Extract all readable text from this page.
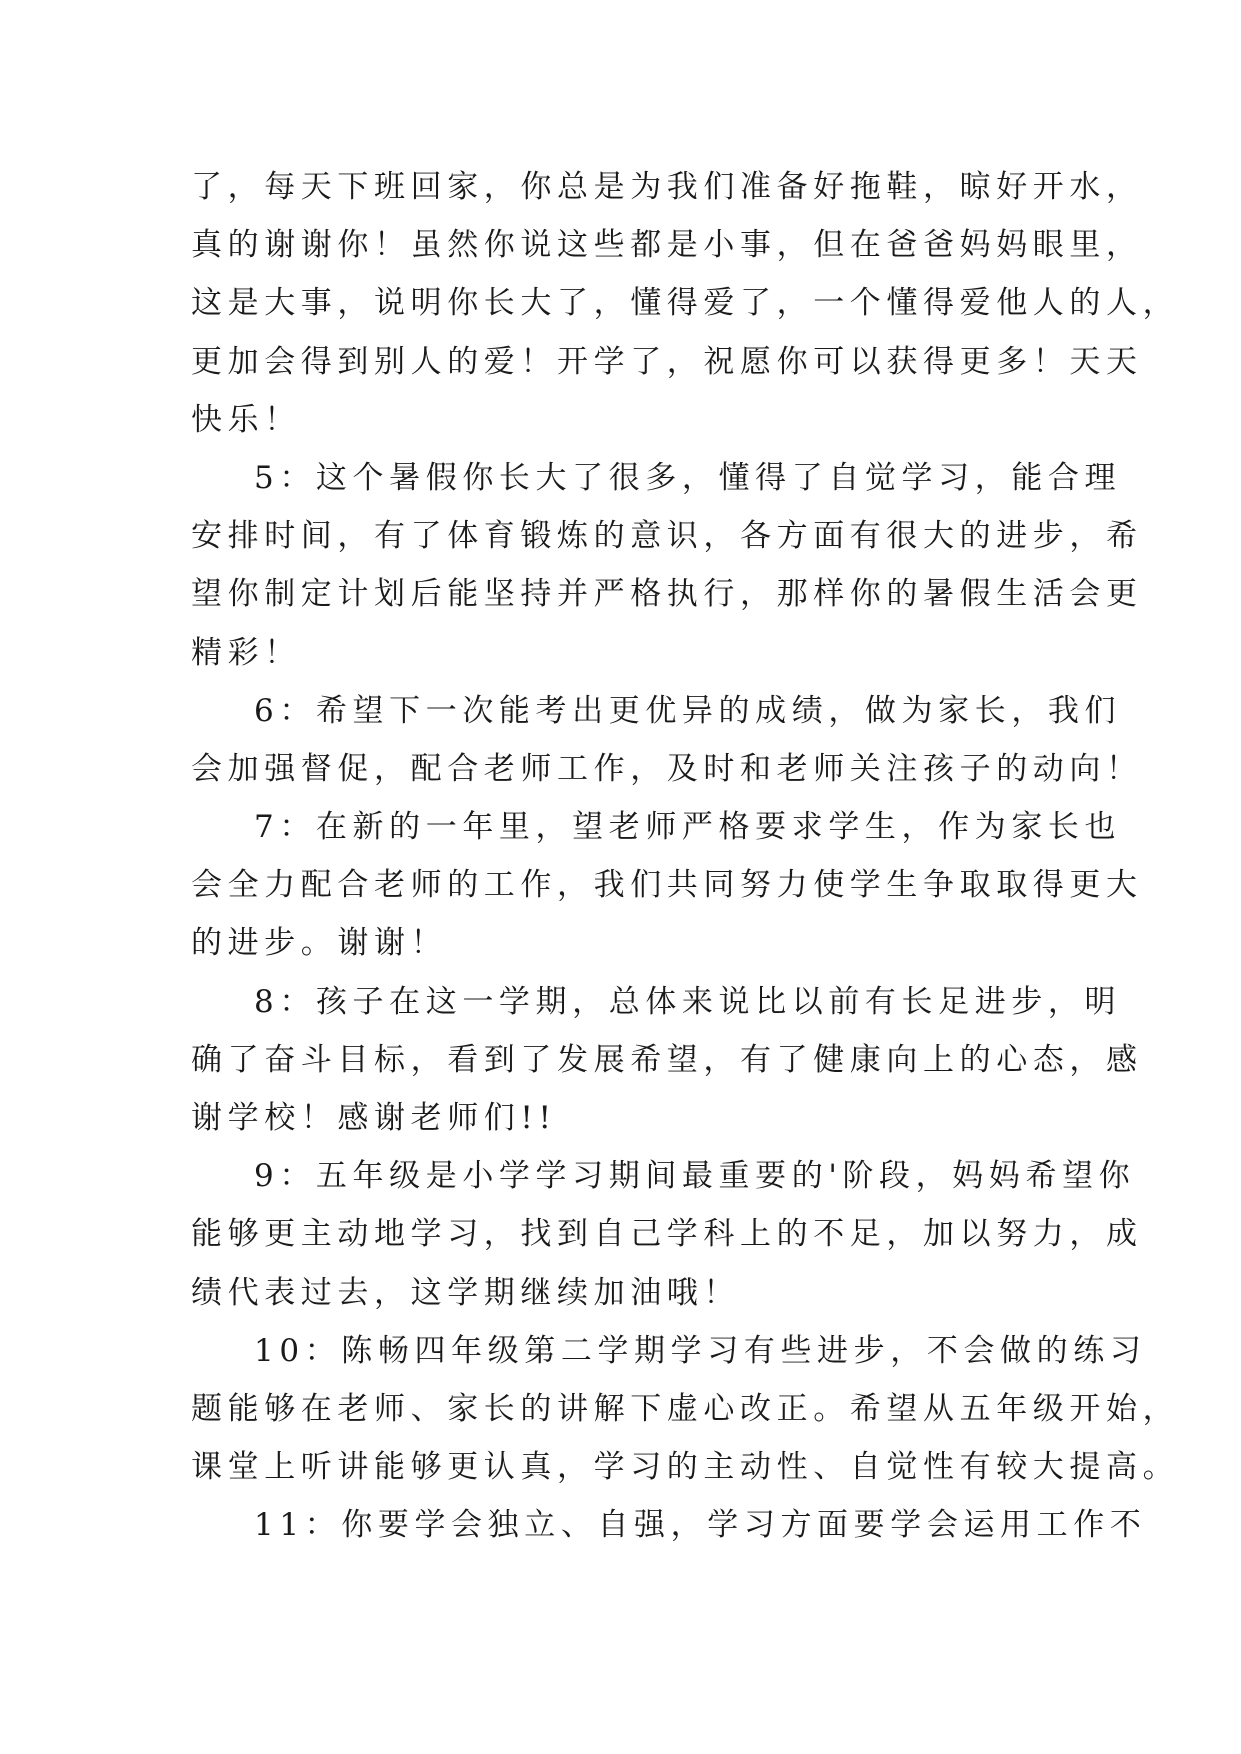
了，每天下班回家，你总是为我们准备好拖鞋，晾好开水，
真的谢谢你！虽然你说这些都是小事，但在爸爸妈妈眼里，
这是大事，说明你长大了，懂得爱了，一个懂得爱他人的人，
更加会得到别人的爱！开学了，祝愿你可以获得更多！天天
快乐！
5：这个暑假你长大了很多，懂得了自觉学习，能合理
安排时间，有了体育锻炼的意识，各方面有很大的进步，希
望你制定计划后能坚持并严格执行，那样你的暑假生活会更
精彩！
6：希望下一次能考出更优异的成绩，做为家长，我们
会加强督促，配合老师工作，及时和老师关注孩子的动向！
7：在新的一年里，望老师严格要求学生，作为家长也
会全力配合老师的工作，我们共同努力使学生争取取得更大
的进步。谢谢！
8：孩子在这一学期，总体来说比以前有长足进步，明
确了奋斗目标，看到了发展希望，有了健康向上的心态，感
谢学校！感谢老师们!!
9：五年级是小学学习期间最重要的'阶段，妈妈希望你
能够更主动地学习，找到自己学科上的不足，加以努力，成
绩代表过去，这学期继续加油哦！
10：陈畅四年级第二学期学习有些进步，不会做的练习
题能够在老师、家长的讲解下虚心改正。希望从五年级开始，
课堂上听讲能够更认真，学习的主动性、自觉性有较大提高。
11：你要学会独立、自强，学习方面要学会运用工作不
